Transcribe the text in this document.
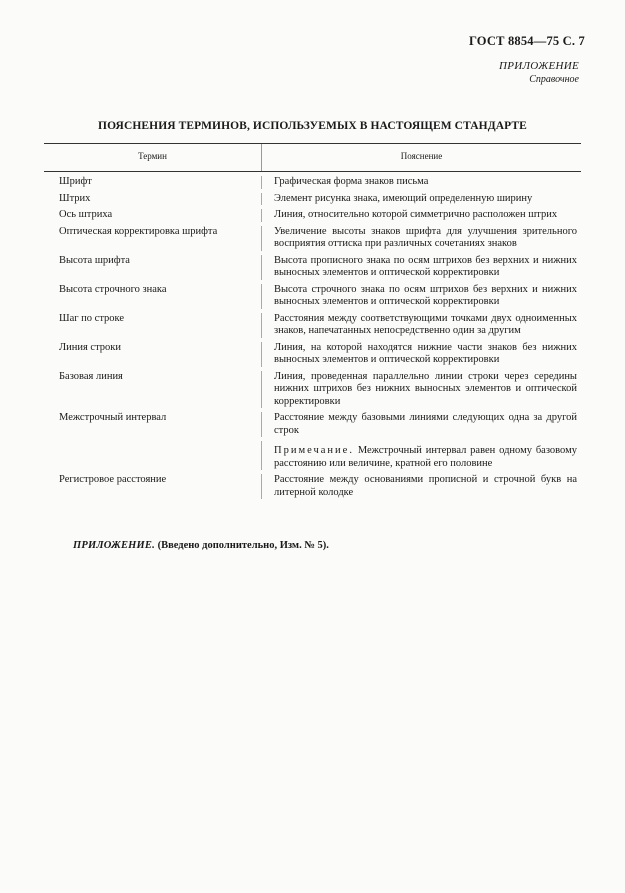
ГОСТ 8854—75 С. 7
ПРИЛОЖЕНИЕ
Справочное
ПОЯСНЕНИЯ ТЕРМИНОВ, ИСПОЛЬЗУЕМЫХ В НАСТОЯЩЕМ СТАНДАРТЕ
Термин	Пояснение
Шрифт	Графическая форма знаков письма
Штрих	Элемент рисунка знака, имеющий определенную ширину
Ось штриха	Линия, относительно которой симметрично расположен штрих
Оптическая корректировка шрифта	Увеличение высоты знаков шрифта для улучшения зрительного восприятия оттиска при различных сочетаниях знаков
Высота шрифта	Высота прописного знака по осям штрихов без верхних и нижних выносных элементов и оптической корректировки
Высота строчного знака	Высота строчного знака по осям штрихов без верхних и нижних выносных элементов и оптической корректировки
Шаг по строке	Расстояния между соответствующими точками двух одноименных знаков, напечатанных непосредственно один за другим
Линия строки	Линия, на которой находятся нижние части знаков без нижних выносных элементов и оптической корректировки
Базовая линия	Линия, проведенная параллельно линии строки через середины нижних штрихов без нижних выносных элементов и оптической корректировки
Межстрочный интервал	Расстояние между базовыми линиями следующих одна за другой строк
Примечание. Межстрочный интервал равен одному базовому расстоянию или величине, кратной его половине
Регистровое расстояние	Расстояние между основаниями прописной и строчной букв на литерной колодке
ПРИЛОЖЕНИЕ. (Введено дополнительно, Изм. № 5).
